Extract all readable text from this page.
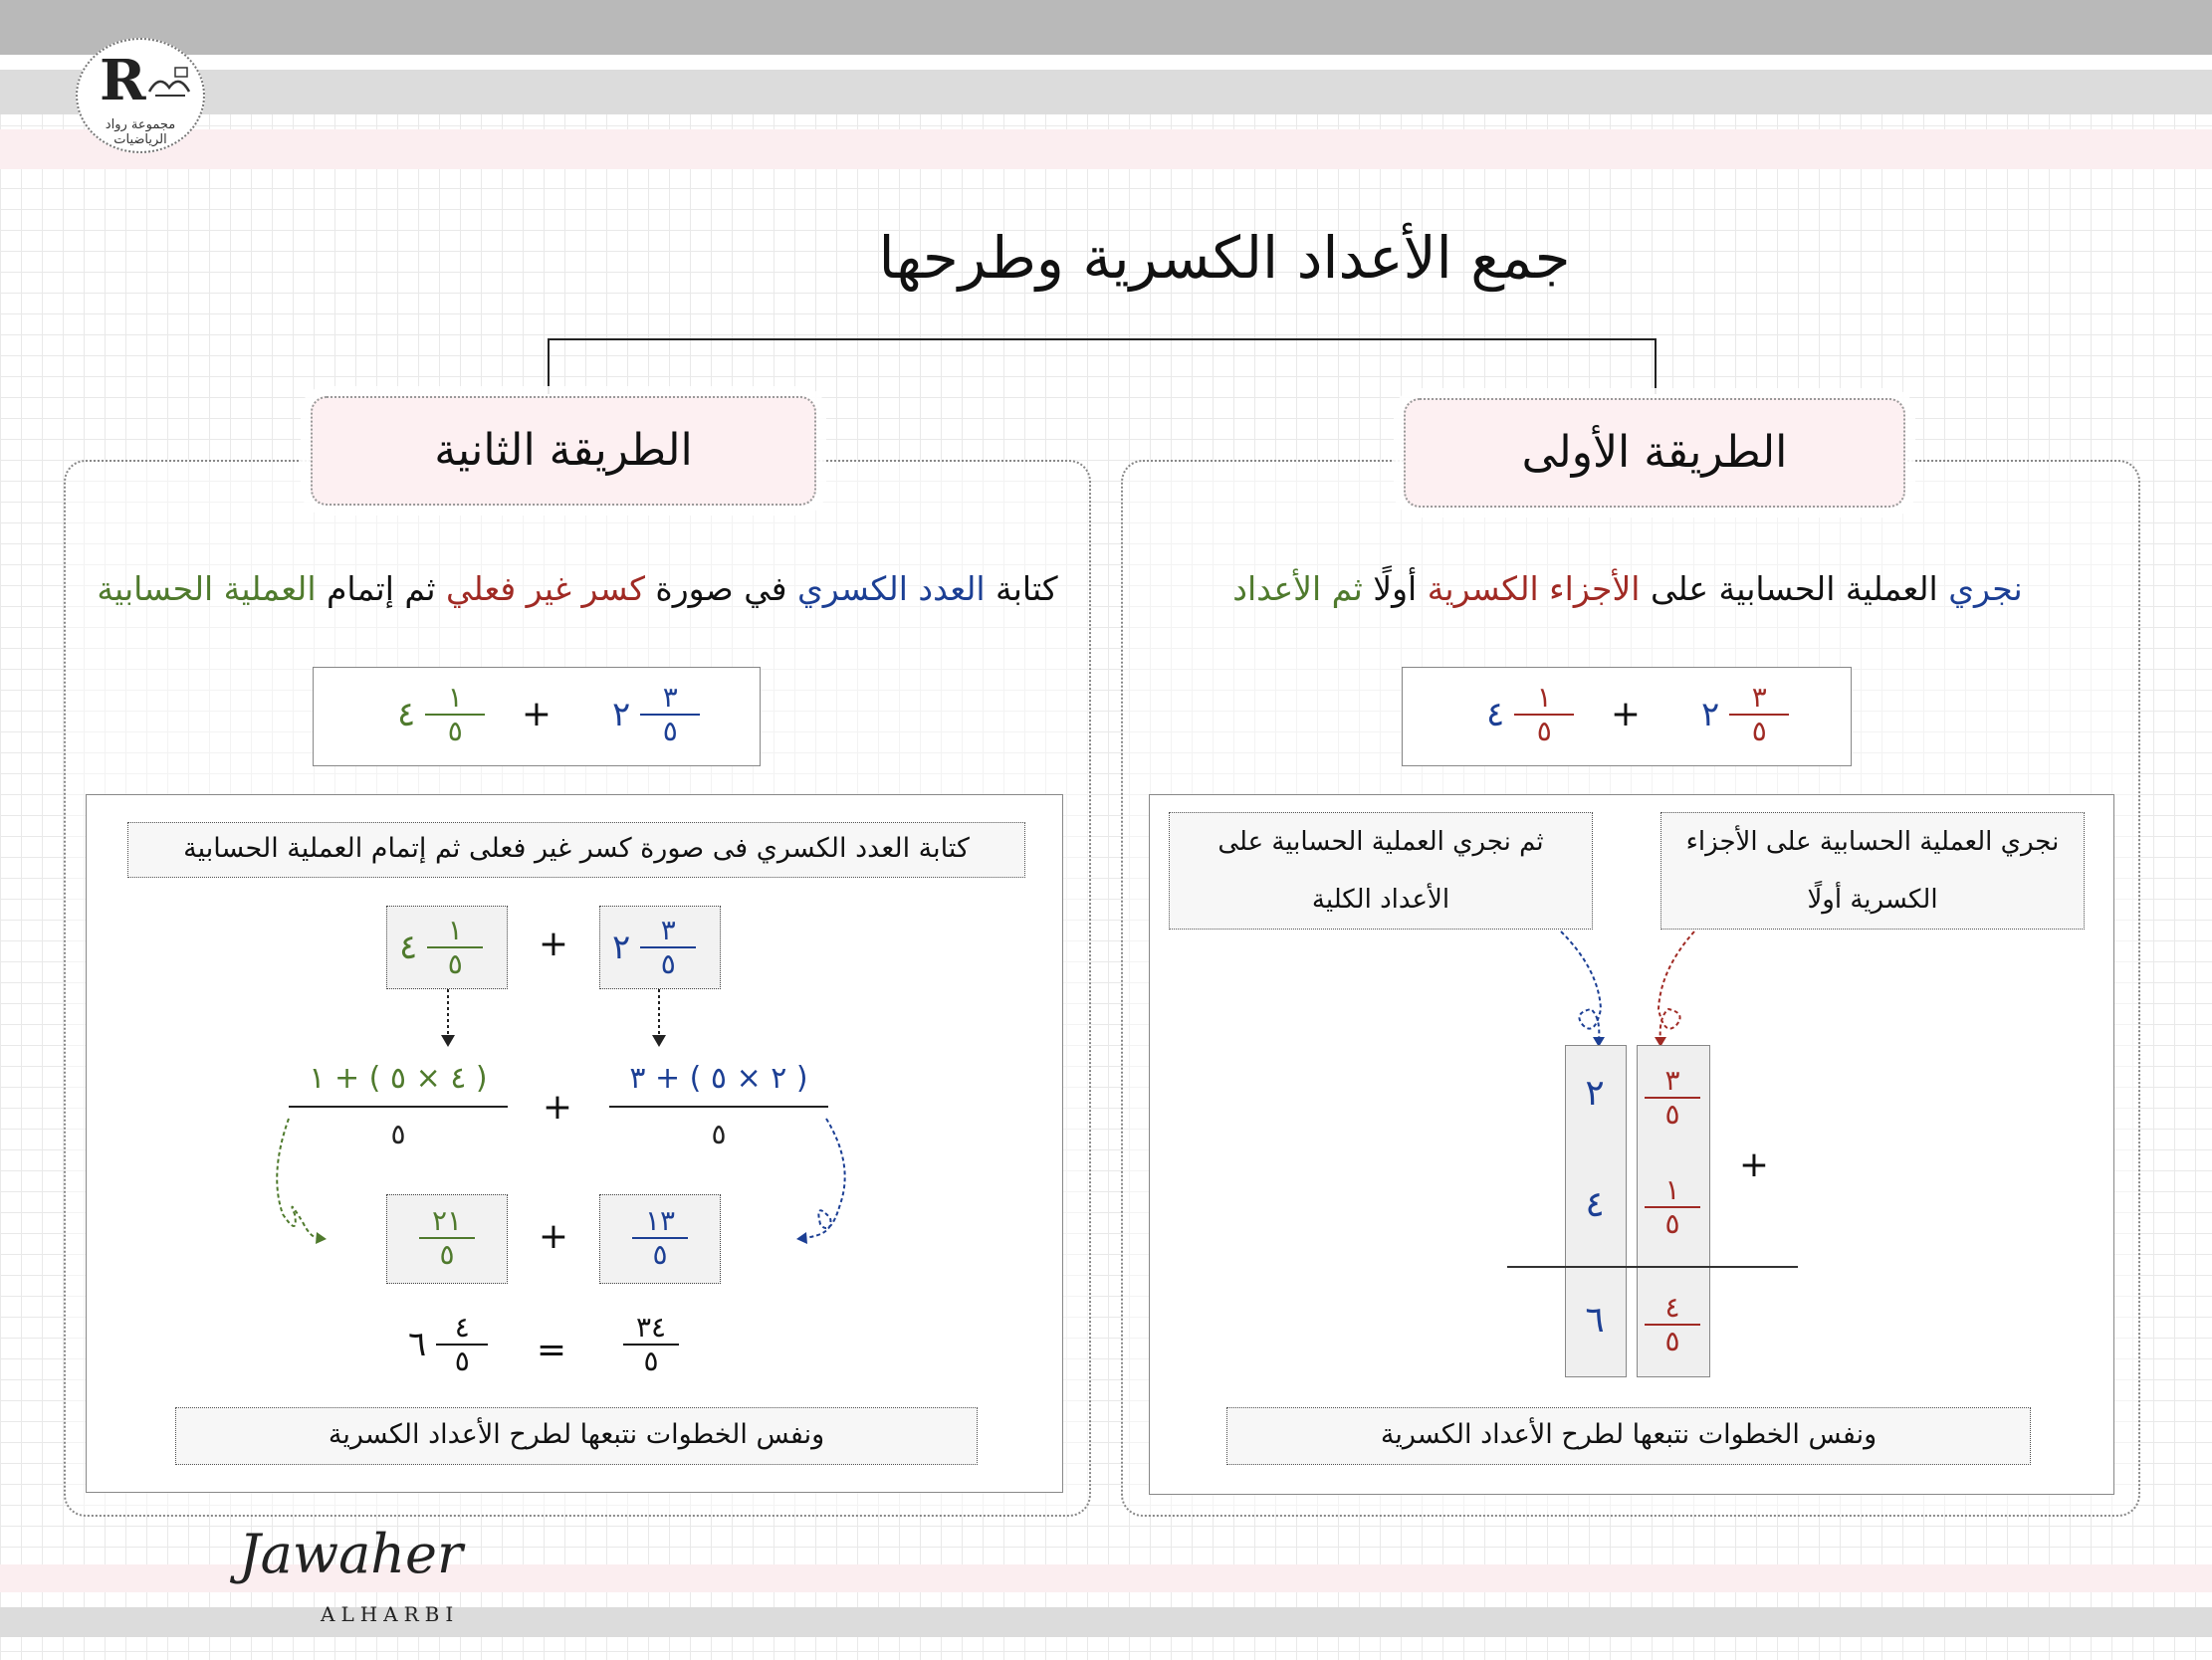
R
مجموعة رواد الرياضيات
جمع الأعداد الكسرية وطرحها
الطريقة الثانية	الطريقة الأولى
كتابة العدد الكسري في صورة كسر غير فعلي ثم إتمام العملية الحسابية	نجري العملية الحسابية على الأجزاء الكسرية أولًا ثم الأعداد
٤ $\frac{١}{٥}$ + ٢ $\frac{٣}{٥}$	٤ $\frac{١}{٥}$ + ٢ $\frac{٣}{٥}$
كتابة العدد الكسري فى صورة كسر غير فعلى ثم إتمام العملية الحسابية
٤ $\frac{١}{٥}$ + ٢ $\frac{٣}{٥}$
( ٤ × ٥ ) + ١
٥
+
( ٢ × ٥ ) + ٣
٥
٢١
٥ +	١٣
٥
٦ $\frac{٤}{٥}$ =
٣٤
٥
ونفس الخطوات نتبعها لطرح الأعداد الكسرية
ثم نجري العملية الحسابية على
الأعداد الكلية
نجري العملية الحسابية على الأجزاء
الكسرية أولًا
٢	٣
٥
٤	١
٥
+
٦	٤
٥
ونفس الخطوات نتبعها لطرح الأعداد الكسرية
Jawaher
ALHARBI
